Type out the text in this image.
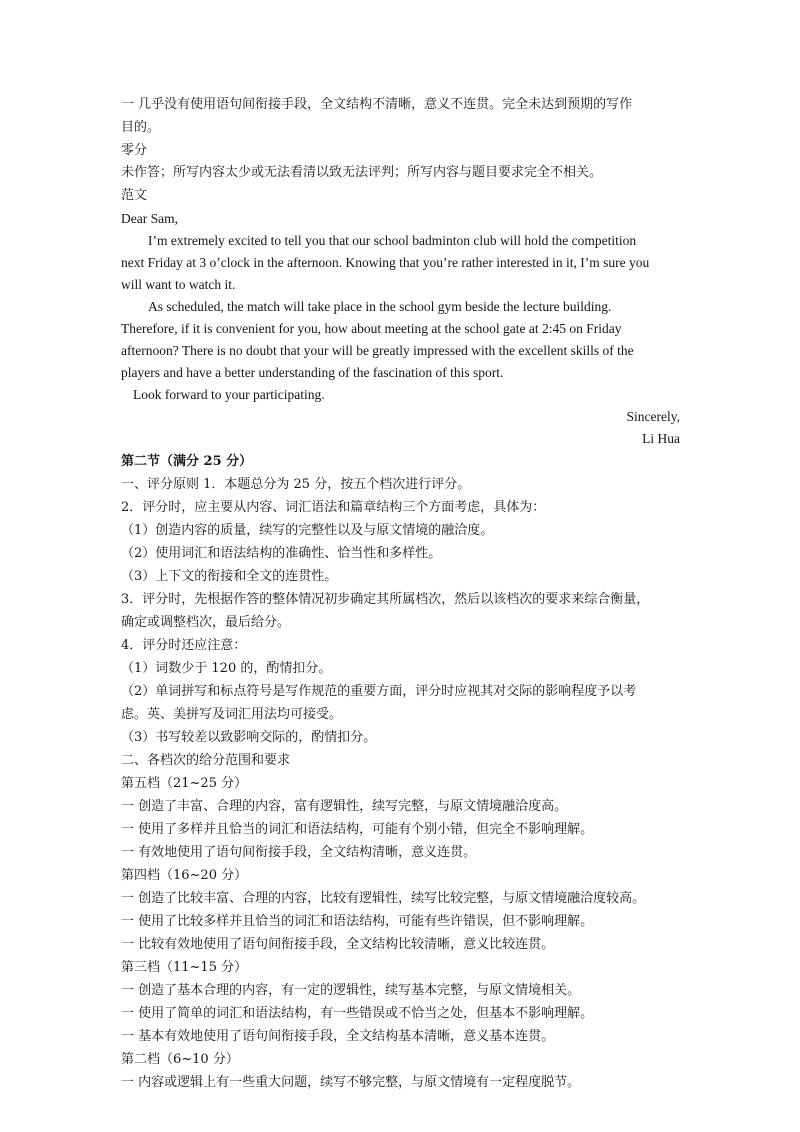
一 几乎没有使用语句间衔接手段，全文结构不清晰，意义不连贯。完全未达到预期的写作
目的。
零分
未作答；所写内容太少或无法看清以致无法评判；所写内容与题目要求完全不相关。
范文
Dear Sam,
I’m extremely excited to tell you that our school badminton club will hold the competition
next Friday at 3 o’clock in the afternoon. Knowing that you’re rather interested in it, I’m sure you
will want to watch it.
As scheduled, the match will take place in the school gym beside the lecture building.
Therefore, if it is convenient for you, how about meeting at the school gate at 2:45 on Friday
afternoon? There is no doubt that your will be greatly impressed with the excellent skills of the
players and have a better understanding of the fascination of this sport.
Look forward to your participating.
Sincerely,
Li Hua
第二节（满分 25 分）
一、评分原则 1．本题总分为 25 分，按五个档次进行评分。
2．评分时，应主要从内容、词汇语法和篇章结构三个方面考虑，具体为：
（1）创造内容的质量，续写的完整性以及与原文情境的融洽度。
（2）使用词汇和语法结构的准确性、恰当性和多样性。
（3）上下文的衔接和全文的连贯性。
3．评分时，先根据作答的整体情况初步确定其所属档次，然后以该档次的要求来综合衡量，
确定或调整档次，最后给分。
4．评分时还应注意：
（1）词数少于 120 的，酌情扣分。
（2）单词拼写和标点符号是写作规范的重要方面，评分时应视其对交际的影响程度予以考
虑。英、美拼写及词汇用法均可接受。
（3）书写较差以致影响交际的，酌情扣分。
二、各档次的给分范围和要求
第五档（21~25 分）
一 创造了丰富、合理的内容，富有逻辑性，续写完整，与原文情境融洽度高。
一 使用了多样并且恰当的词汇和语法结构，可能有个别小错，但完全不影响理解。
一 有效地使用了语句间衔接手段，全文结构清晰，意义连贯。
第四档（16~20 分）
一 创造了比较丰富、合理的内容，比较有逻辑性，续写比较完整，与原文情境融洽度较高。
一 使用了比较多样并且恰当的词汇和语法结构，可能有些许错误，但不影响理解。
一 比较有效地使用了语句间衔接手段，全文结构比较清晰，意义比较连贯。
第三档（11~15 分）
一 创造了基本合理的内容，有一定的逻辑性，续写基本完整，与原文情境相关。
一 使用了简单的词汇和语法结构，有一些错误或不恰当之处，但基本不影响理解。
一 基本有效地使用了语句间衔接手段，全文结构基本清晰，意义基本连贯。
第二档（6~10 分）
一 内容或逻辑上有一些重大问题，续写不够完整，与原文情境有一定程度脱节。
